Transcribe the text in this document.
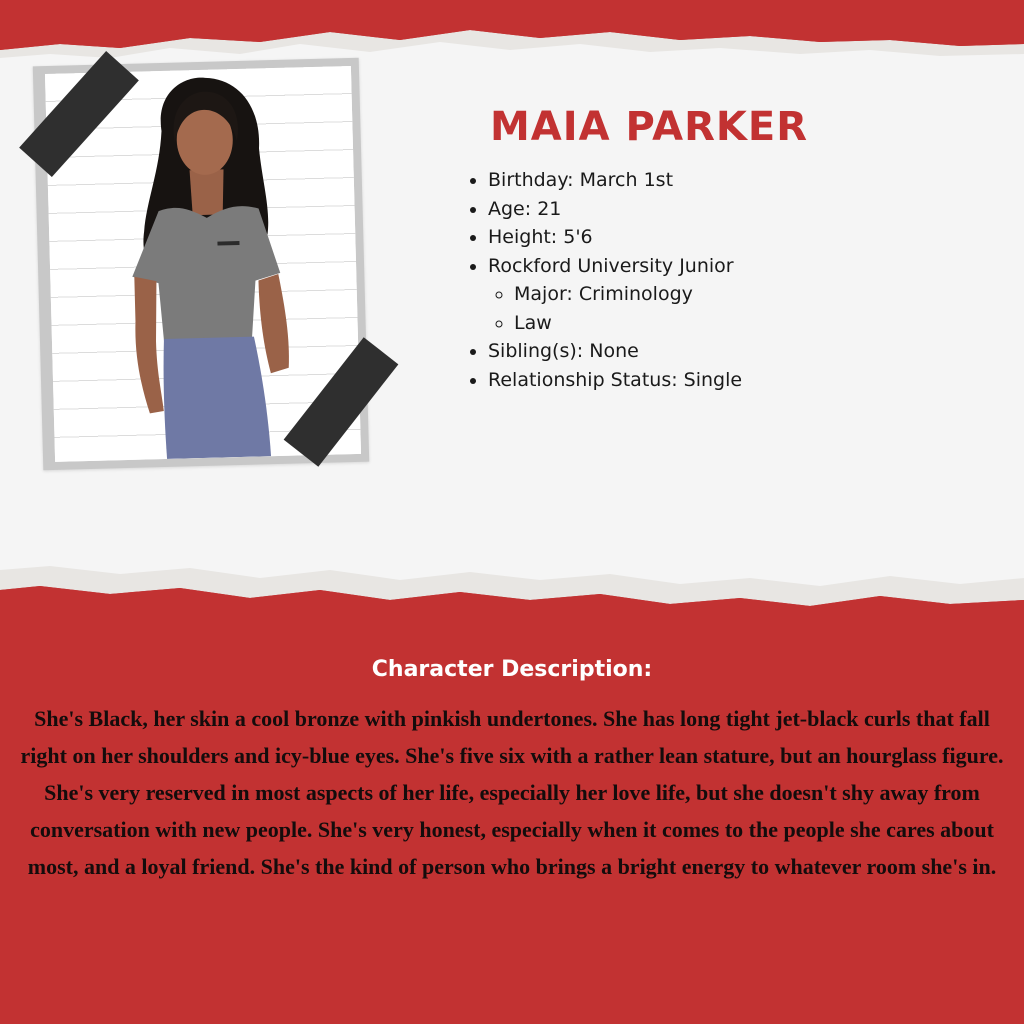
MAIA PARKER
• Birthday: March 1st
• Age: 21
• Height: 5'6
• Rockford University Junior
◦ Major: Criminology
◦ Law
• Sibling(s): None
• Relationship Status: Single
Character Description:

She's Black, her skin a cool bronze with pinkish undertones. She has long tight jet-black curls that fall right on her shoulders and icy-blue eyes. She's five six with a rather lean stature, but an hourglass figure. She's very reserved in most aspects of her life, especially her love life, but she doesn't shy away from conversation with new people. She's very honest, especially when it comes to the people she cares about most, and a loyal friend. She's the kind of person who brings a bright energy to whatever room she's in.
